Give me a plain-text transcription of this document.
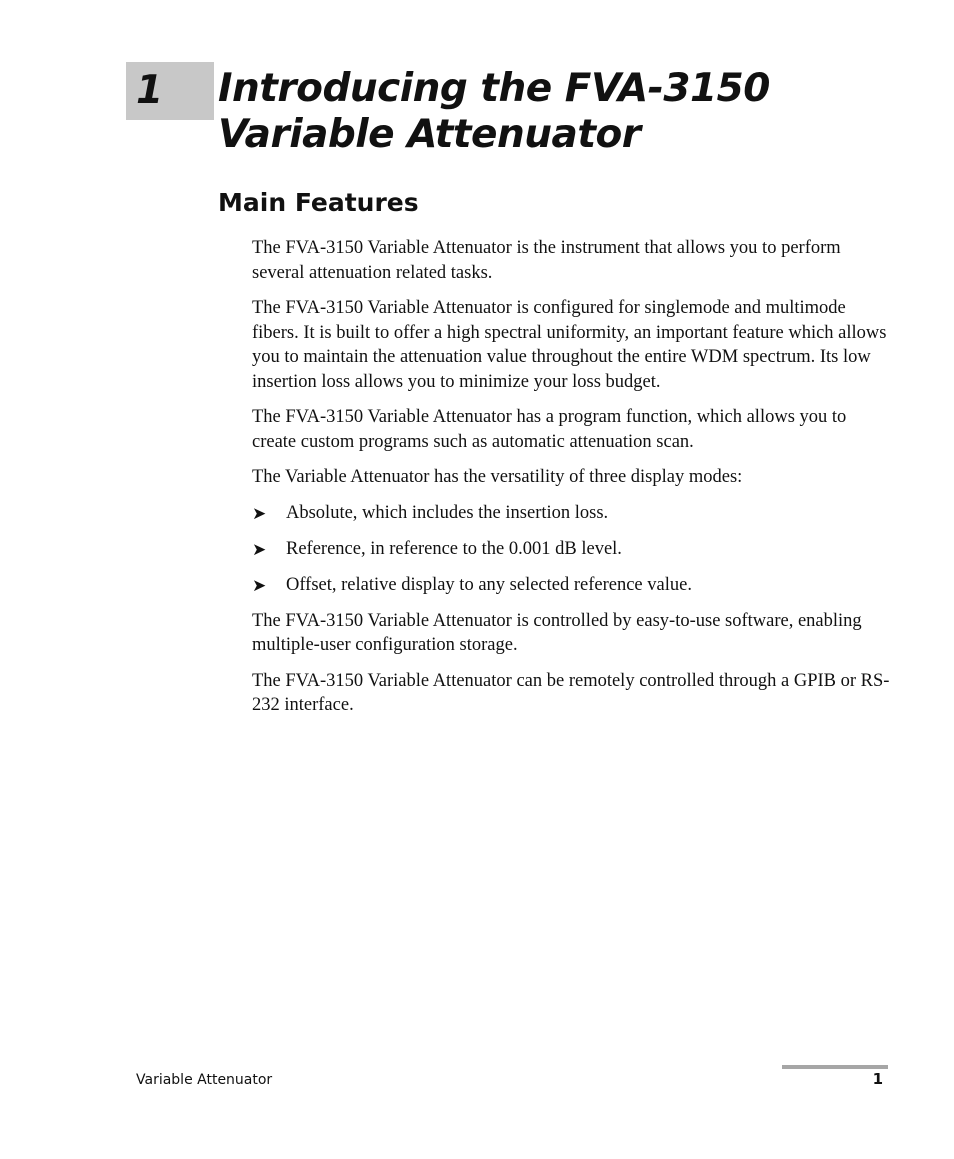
1 Introducing the FVA-3150
Variable Attenuator
Main Features

The FVA-3150 Variable Attenuator is the instrument that allows you to perform several attenuation related tasks.

The FVA-3150 Variable Attenuator is configured for singlemode and multimode fibers. It is built to offer a high spectral uniformity, an important feature which allows you to maintain the attenuation value throughout the entire WDM spectrum. Its low insertion loss allows you to minimize your loss budget.

The FVA-3150 Variable Attenuator has a program function, which allows you to create custom programs such as automatic attenuation scan.

The Variable Attenuator has the versatility of three display modes:

➤ Absolute, which includes the insertion loss.
➤ Reference, in reference to the 0.001 dB level.
➤ Offset, relative display to any selected reference value.

The FVA-3150 Variable Attenuator is controlled by easy-to-use software, enabling multiple-user configuration storage.

The FVA-3150 Variable Attenuator can be remotely controlled through a GPIB or RS-232 interface.

Variable Attenuator	1
